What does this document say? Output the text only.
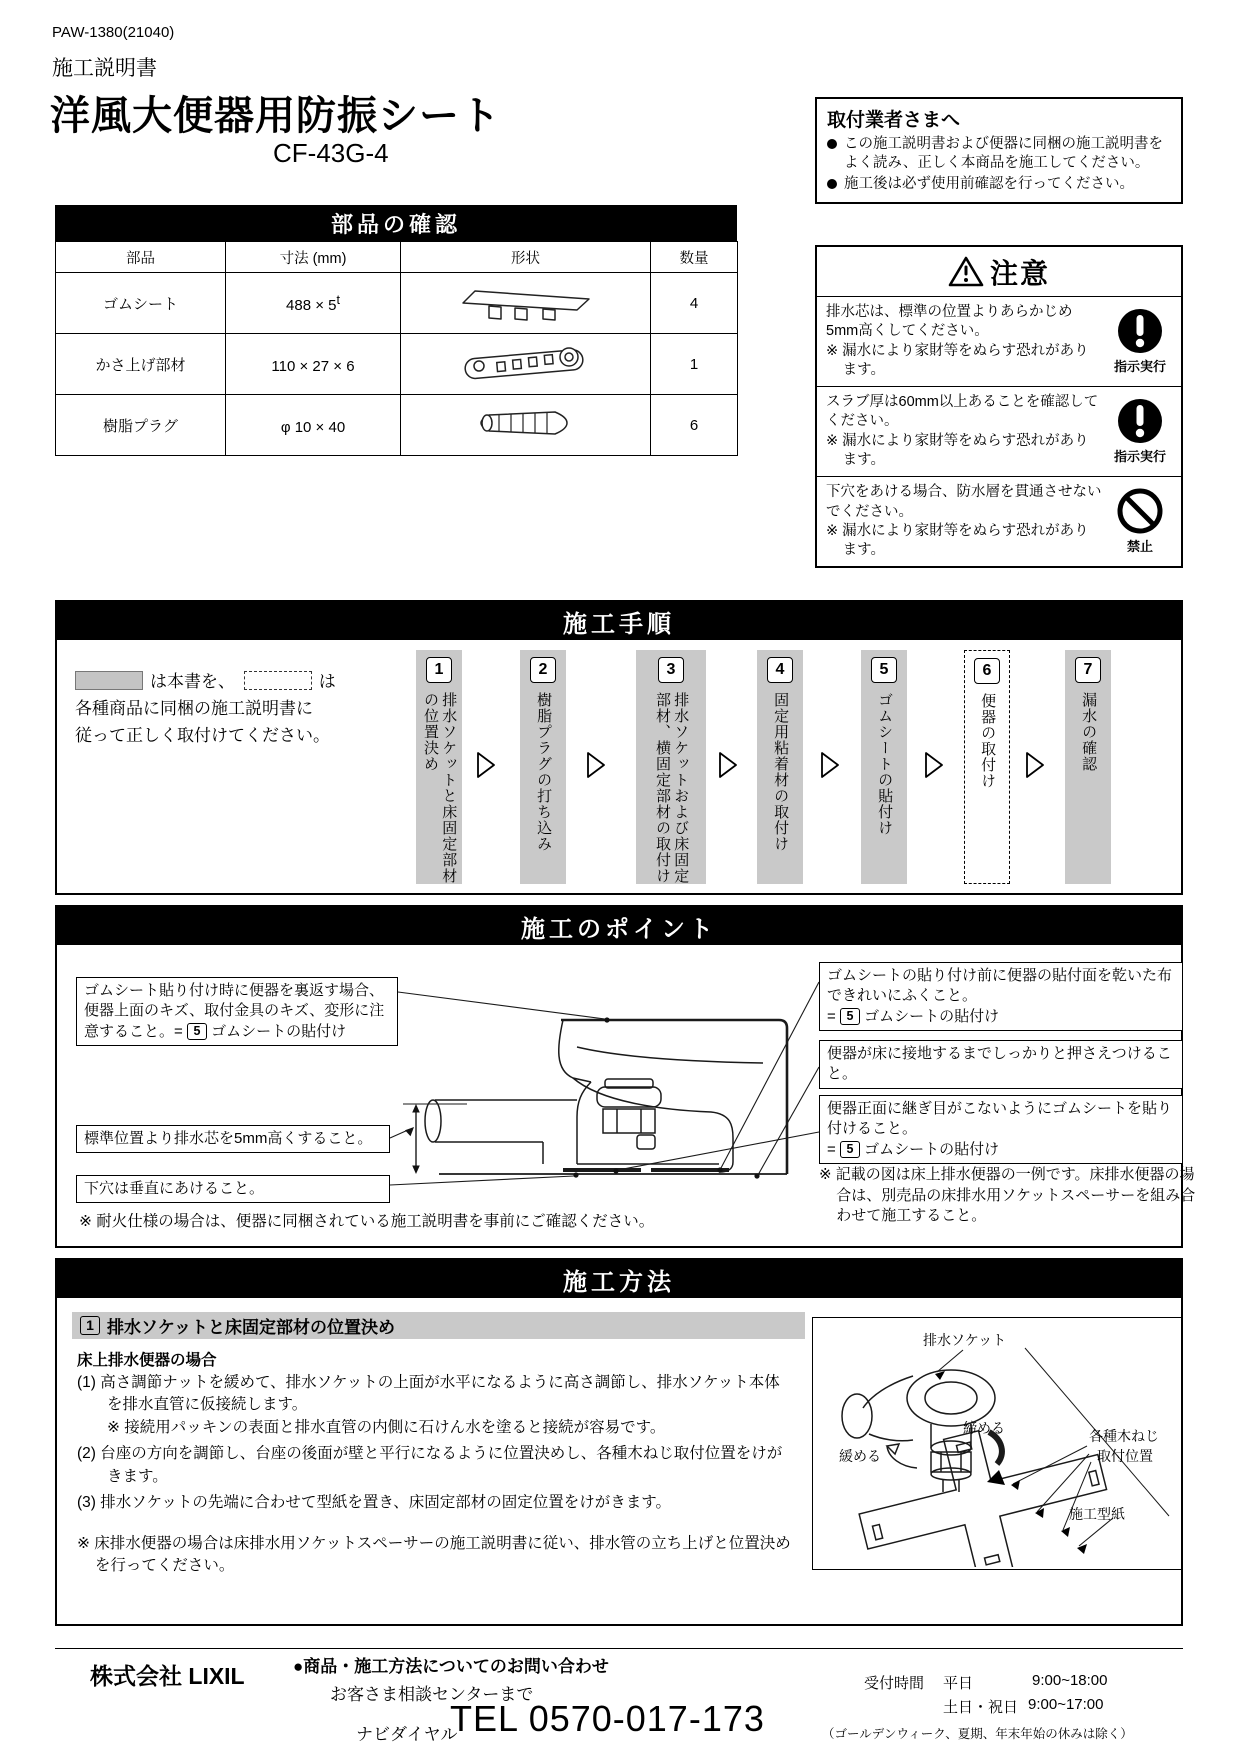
PAW-1380(21040)
施工説明書
洋風大便器用防振シート
CF-43G-4
取付業者さまへ
この施工説明書および便器に同梱の施工説明書をよく読み、正しく本商品を施工してください。
施工後は必ず使用前確認を行ってください。
部品の確認
部品	寸法 (mm)	形状	数量
ゴムシート	$488 \times 5^t$		4
かさ上げ部材	110 × 27 × 6		1
樹脂プラグ	φ 10 × 40		6
注意
排水芯は、標準の位置よりあらかじめ5mm高くしてください。
※ 漏水により家財等をぬらす恐れがあります。	指示実行
スラブ厚は60mm以上あることを確認してください。
※ 漏水により家財等をぬらす恐れがあります。	指示実行
下穴をあける場合、防水層を貫通させないでください。
※ 漏水により家財等をぬらす恐れがあります。	禁止
施工手順
は本書を、	は
各種商品に同梱の施工説明書に
従って正しく取付けてください。
1
排水ソケットと床固定部材の位置決め
2
樹脂プラグの打ち込み
3
排水ソケットおよび床固定部材、横固定部材の取付け
4
固定用粘着材の取付け
5
ゴムシートの貼付け
6
便器の取付け
7
漏水の確認
施工のポイント
ゴムシート貼り付け時に便器を裏返す場合、便器上面のキズ、取付金具のキズ、変形に注意すること。= 5 ゴムシートの貼付け
標準位置より排水芯を5mm高くすること。
下穴は垂直にあけること。
※ 耐火仕様の場合は、便器に同梱されている施工説明書を事前にご確認ください。
ゴムシートの貼り付け前に便器の貼付面を乾いた布できれいにふくこと。
= 5 ゴムシートの貼付け
便器が床に接地するまでしっかりと押さえつけること。
便器正面に継ぎ目がこないようにゴムシートを貼り付けること。
= 5 ゴムシートの貼付け
※ 記載の図は床上排水便器の一例です。床排水便器の場合は、別売品の床排水用ソケットスペーサーを組み合わせて施工すること。
施工方法
1 排水ソケットと床固定部材の位置決め
床上排水便器の場合
(1) 高さ調節ナットを緩めて、排水ソケットの上面が水平になるように高さ調節し、排水ソケット本体を排水直管に仮接続します。
※ 接続用パッキンの表面と排水直管の内側に石けん水を塗ると接続が容易です。
(2) 台座の方向を調節し、台座の後面が壁と平行になるように位置決めし、各種木ねじ取付位置をけがきます。
(3) 排水ソケットの先端に合わせて型紙を置き、床固定部材の固定位置をけがきます。
※ 床排水便器の場合は床排水用ソケットスペーサーの施工説明書に従い、排水管の立ち上げと位置決めを行ってください。
排水ソケット
締める
緩める
各種木ねじ
取付位置
施工型紙
株式会社 LIXIL	●商品・施工方法についてのお問い合わせ
お客さま相談センターまで
ナビダイヤル
TEL 0570-017-173
受付時間 平日	9:00~18:00
土日・祝日 9:00~17:00
（ゴールデンウィーク、夏期、年末年始の休みは除く）
